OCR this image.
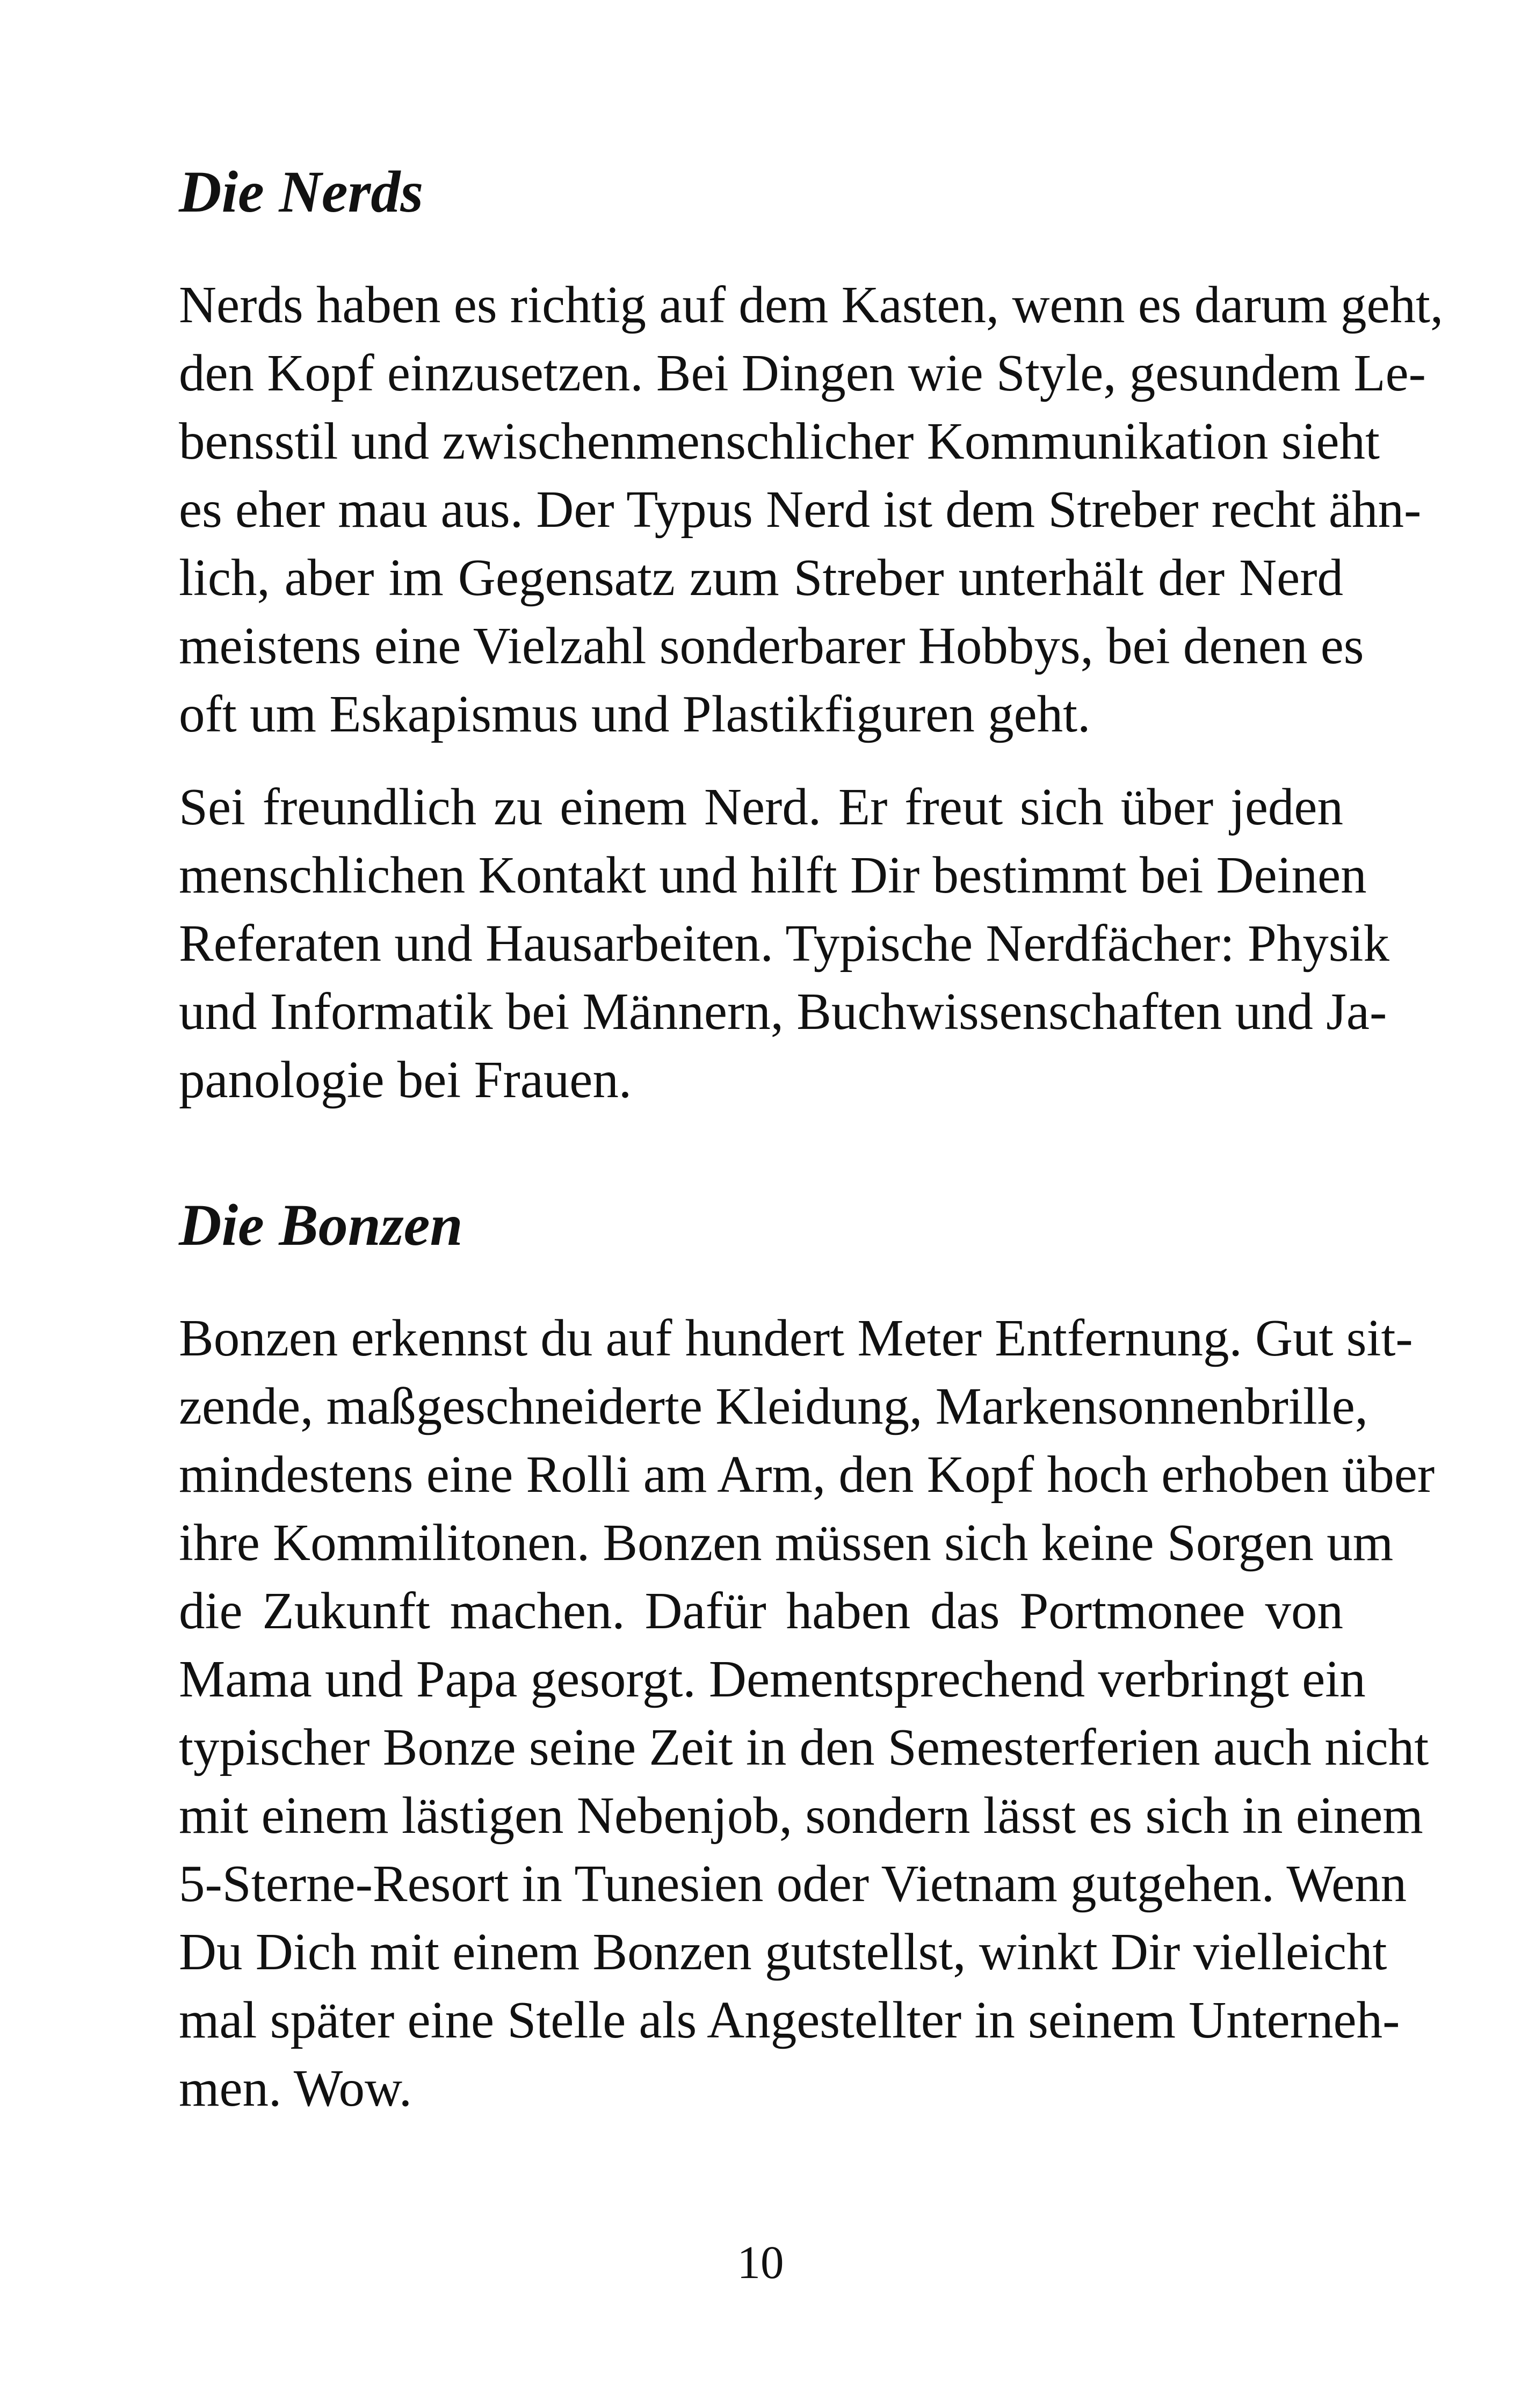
Die Nerds
Nerds haben es richtig auf dem Kasten, wenn es darum geht,
den Kopf einzusetzen. Bei Dingen wie Style, gesundem Le-
bensstil und zwischenmenschlicher Kommunikation sieht
es eher mau aus. Der Typus Nerd ist dem Streber recht ähn-
lich, aber im Gegensatz zum Streber unterhält der Nerd
meistens eine Vielzahl sonderbarer Hobbys, bei denen es
oft um Eskapismus und Plastikfiguren geht.
Sei freundlich zu einem Nerd. Er freut sich über jeden
menschlichen Kontakt und hilft Dir bestimmt bei Deinen
Referaten und Hausarbeiten. Typische Nerdfächer: Physik
und Informatik bei Männern, Buchwissenschaften und Ja-
panologie bei Frauen.
Die Bonzen
Bonzen erkennst du auf hundert Meter Entfernung. Gut sit-
zende, maßgeschneiderte Kleidung, Markensonnenbrille,
mindestens eine Rolli am Arm, den Kopf hoch erhoben über
ihre Kommilitonen. Bonzen müssen sich keine Sorgen um
die Zukunft machen. Dafür haben das Portmonee von
Mama und Papa gesorgt. Dementsprechend verbringt ein
typischer Bonze seine Zeit in den Semesterferien auch nicht
mit einem lästigen Nebenjob, sondern lässt es sich in einem
5-Sterne-Resort in Tunesien oder Vietnam gutgehen. Wenn
Du Dich mit einem Bonzen gutstellst, winkt Dir vielleicht
mal später eine Stelle als Angestellter in seinem Unterneh-
men. Wow.
10
